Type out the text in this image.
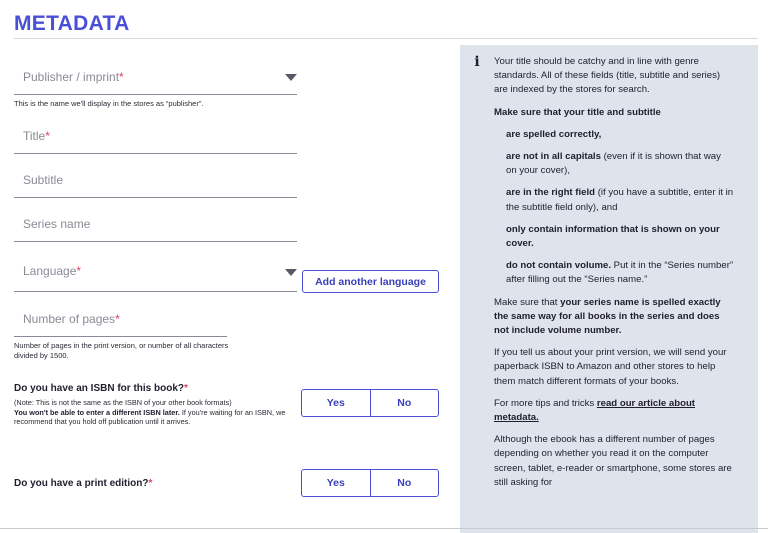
METADATA
Publisher / imprint*
This is the name we'll display in the stores as “publisher”.
Title*
Subtitle
Series name
Language*
Add another language
Number of pages*
Number of pages in the print version, or number of all characters divided by 1500.
Do you have an ISBN for this book?*
(Note: This is not the same as the ISBN of your other book formats)
You won't be able to enter a different ISBN later. If you're waiting for an ISBN, we recommend that you hold off publication until it arrives.
Yes	No
Do you have a print edition?*	Yes	No
i	Your title should be catchy and in line with genre standards. All of these fields (title, subtitle and series) are indexed by the stores for search.

Make sure that your title and subtitle

are spelled correctly,

are not in all capitals (even if it is shown that way on your cover),

are in the right field (if you have a subtitle, enter it in the subtitle field only), and

only contain information that is shown on your cover.

do not contain volume. Put it in the “Series number” after filling out the “Series name.”

Make sure that your series name is spelled exactly the same way for all books in the series and does not include volume number.

If you tell us about your print version, we will send your paperback ISBN to Amazon and other stores to help them match different formats of your books.

For more tips and tricks read our article about metadata.

Although the ebook has a different number of pages depending on whether you read it on the computer screen, tablet, e-reader or smartphone, some stores are still asking for
